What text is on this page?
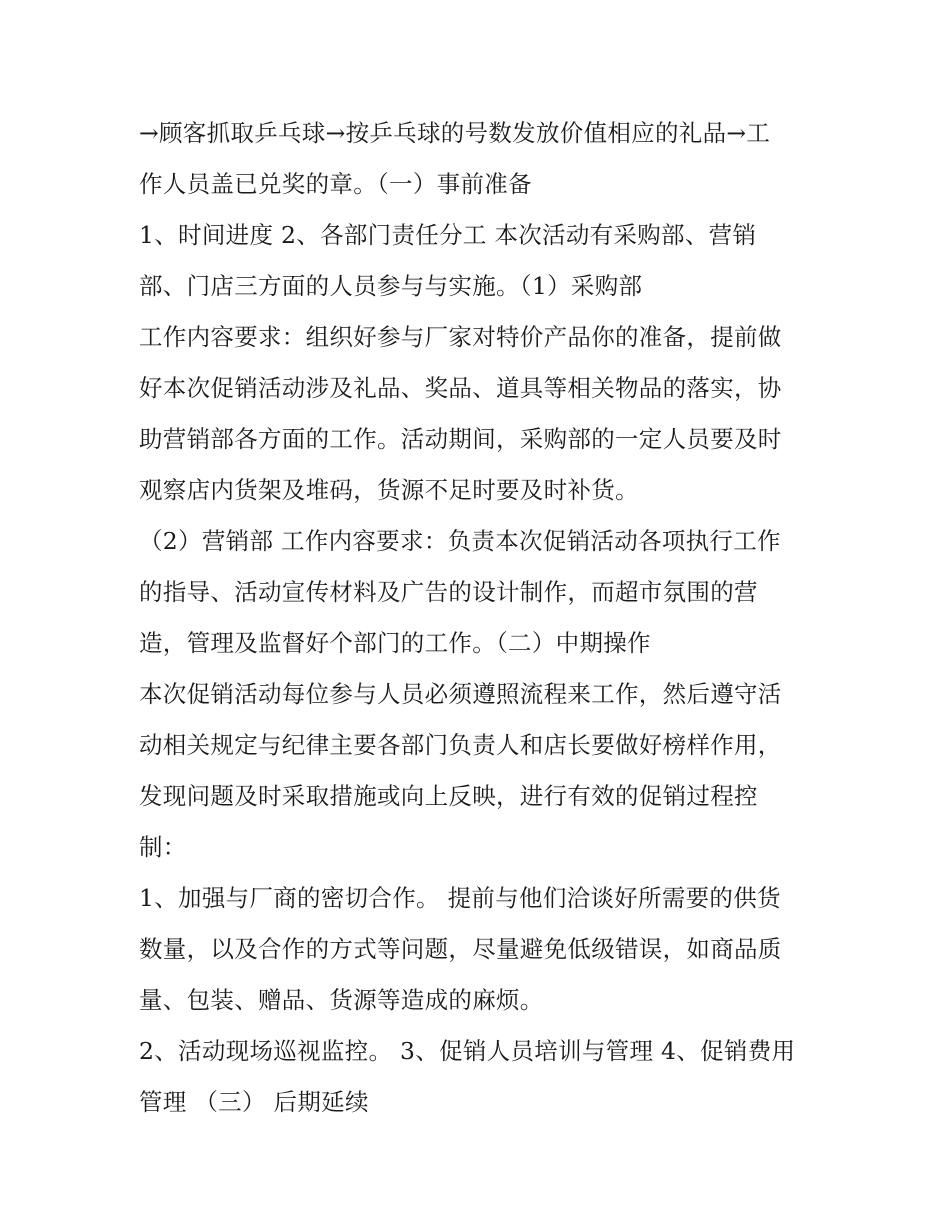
→顾客抓取乒乓球→按乒乓球的号数发放价值相应的礼品→工
作人员盖已兑奖的章。（一）事前准备
1、时间进度 2、各部门责任分工 本次活动有采购部、营销
部、门店三方面的人员参与与实施。（1）采购部
工作内容要求：组织好参与厂家对特价产品你的准备，提前做
好本次促销活动涉及礼品、奖品、道具等相关物品的落实，协
助营销部各方面的工作。活动期间，采购部的一定人员要及时
观察店内货架及堆码，货源不足时要及时补货。
（2）营销部 工作内容要求：负责本次促销活动各项执行工作
的指导、活动宣传材料及广告的设计制作，而超市氛围的营
造，管理及监督好个部门的工作。（二）中期操作
本次促销活动每位参与人员必须遵照流程来工作，然后遵守活
动相关规定与纪律主要各部门负责人和店长要做好榜样作用，
发现问题及时采取措施或向上反映，进行有效的促销过程控
制：
1、加强与厂商的密切合作。 提前与他们洽谈好所需要的供货
数量，以及合作的方式等问题，尽量避免低级错误，如商品质
量、包装、赠品、货源等造成的麻烦。
2、活动现场巡视监控。 3、促销人员培训与管理 4、促销费用
管理 （三） 后期延续
